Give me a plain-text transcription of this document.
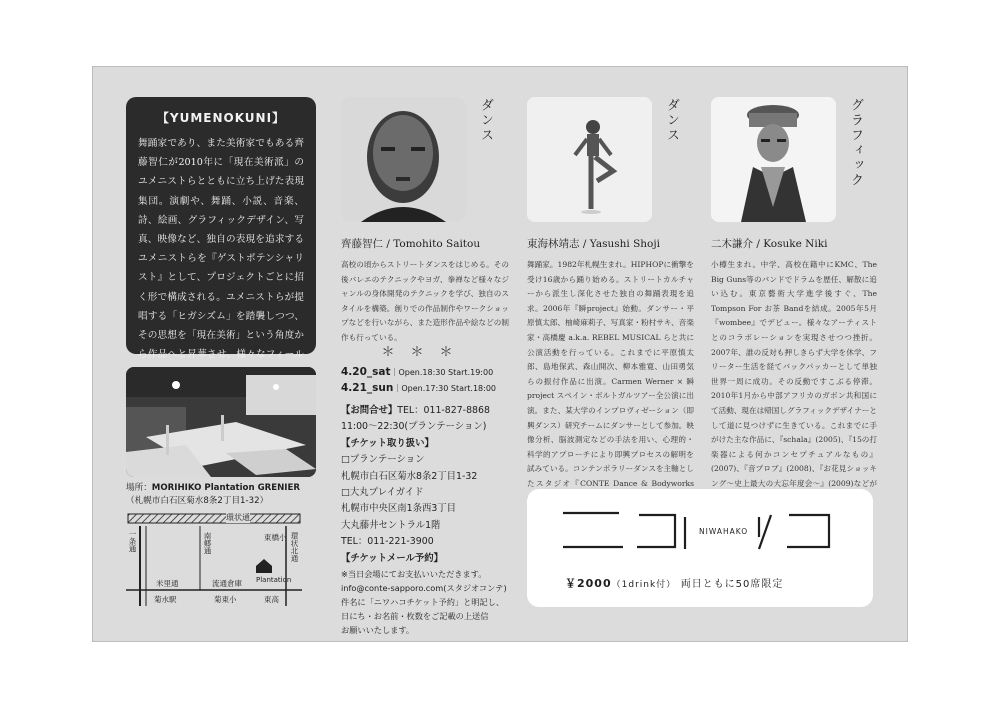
【YUMENOKUNI】

舞踊家であり、また美術家でもある齊藤智仁が2010年に「現在美術派」のユメニストらとともに立ち上げた表現集団。演劇や、舞踊、小説、音楽、詩、絵画、グラフィックデザイン、写真、映像など、独自の表現を追求するユメニストらを『ゲストポテンシャリスト』として、プロジェクトごとに招く形で構成される。ユメニストらが提唱する「ヒガシズム」を踏襲しつつ、その思想を「現在美術」という角度から作品へと昇華させ、様々なフィール

場所：MORIHIKO Plantation GRENIER
（札幌市白石区菊水8条2丁目1-32）
環状通
一条通	南郷通	環状北通
米里通	流通倉庫
東橋小
Plantation
菊水駅	菊東小	東高
ダンス
齊藤智仁 / Tomohito Saitou
高校の頃からストリートダンスをはじめる。その後バレエのテクニックやヨガ、拳禅など様々なジャンルの身体開発のテクニックを学び、独自のスタイルを構築。創りでの作品制作やワークショップなどを行いながら、また造形作品や絵などの制作も行っている。
ダンス
東海林靖志 / Yasushi Shoji
舞踊家。1982年札幌生まれ。HIPHOPに衝撃を受け16歳から踊り始める。ストリートカルチャーから派生し深化させた独自の舞踊表現を追求。2006年『瞬project』始動。ダンサー・平原慎太郎、柚崎麻莉子、写真家・粉村サキ、音楽家・高橋慶 a.k.a. REBEL MUSICAL らと共に公演活動を行っている。これまでに平原慎太郎、島地保武、森山開次、柳本雅寛、山田勇気らの振付作品に出演。Carmen Werner × 瞬 project スペイン・ボルトガルツアー全公演に出演。また、某大学のインプロヴィゼーション（即興ダンス）研究チームにダンサーとして参加。映像分析、脳波測定などの手法を用い、心理的・科学的アプローチにより即興プロセスの解明を試みている。コンテンポラリーダンスを主軸としたスタジオ『CONTE Dance & Bodyworks
グラフィック
二木謙介 / Kosuke Niki
小樽生まれ。中学、高校在籍中にKMC、The Big Guns等のバンドでドラムを歴任、解散に追い込む。東京藝術大学進学後すぐ、The Tompson For お茶 Bandを結成。2005年5月『wombee』でデビュー。様々なアーティストとのコラボレーションを実現させつつ挫折。2007年、誰の反対も押しきらず大学を休学、フリーター生活を経てバックパッカーとして単独世界一周に成功。その反動ですこぶる停滞。2010年1月から中部アフリカのガボン共和国にて活動、現在は帰国しグラフィックデザイナーとして道に見つけずに生きている。これまでに手がけた主な作品に、『schala』(2005)、『15の打楽器による何かコンセプチュアルなもの』(2007)、『音プロブ』(2008)、『お花見ショッキング～史上最大の大忘年度会～』(2009)などが
＊＊＊
4.20_sat｜Open.18:30 Start.19:00
4.21_sun｜Open.17:30 Start.18:00
【お問合せ】TEL：011-827-8868
11:00～22:30(プランテーション)
【チケット取り扱い】
□プランテーション
札幌市白石区菊水8条2丁目1-32
□大丸プレイガイド
札幌市中央区南1条西3丁目
大丸藤井セントラル1階
TEL：011-221-3900
【チケットメール予約】
※当日会場にてお支払いいただきます。
info@conte-sapporo.com(スタジオコンテ)
件名に「ニワハコチケット予約」と明記し、
日にち・お名前・枚数をご記載の上送信
お願いいたします。
NIWAHAKO
￥2000（1drink付） 両日ともに50席限定
